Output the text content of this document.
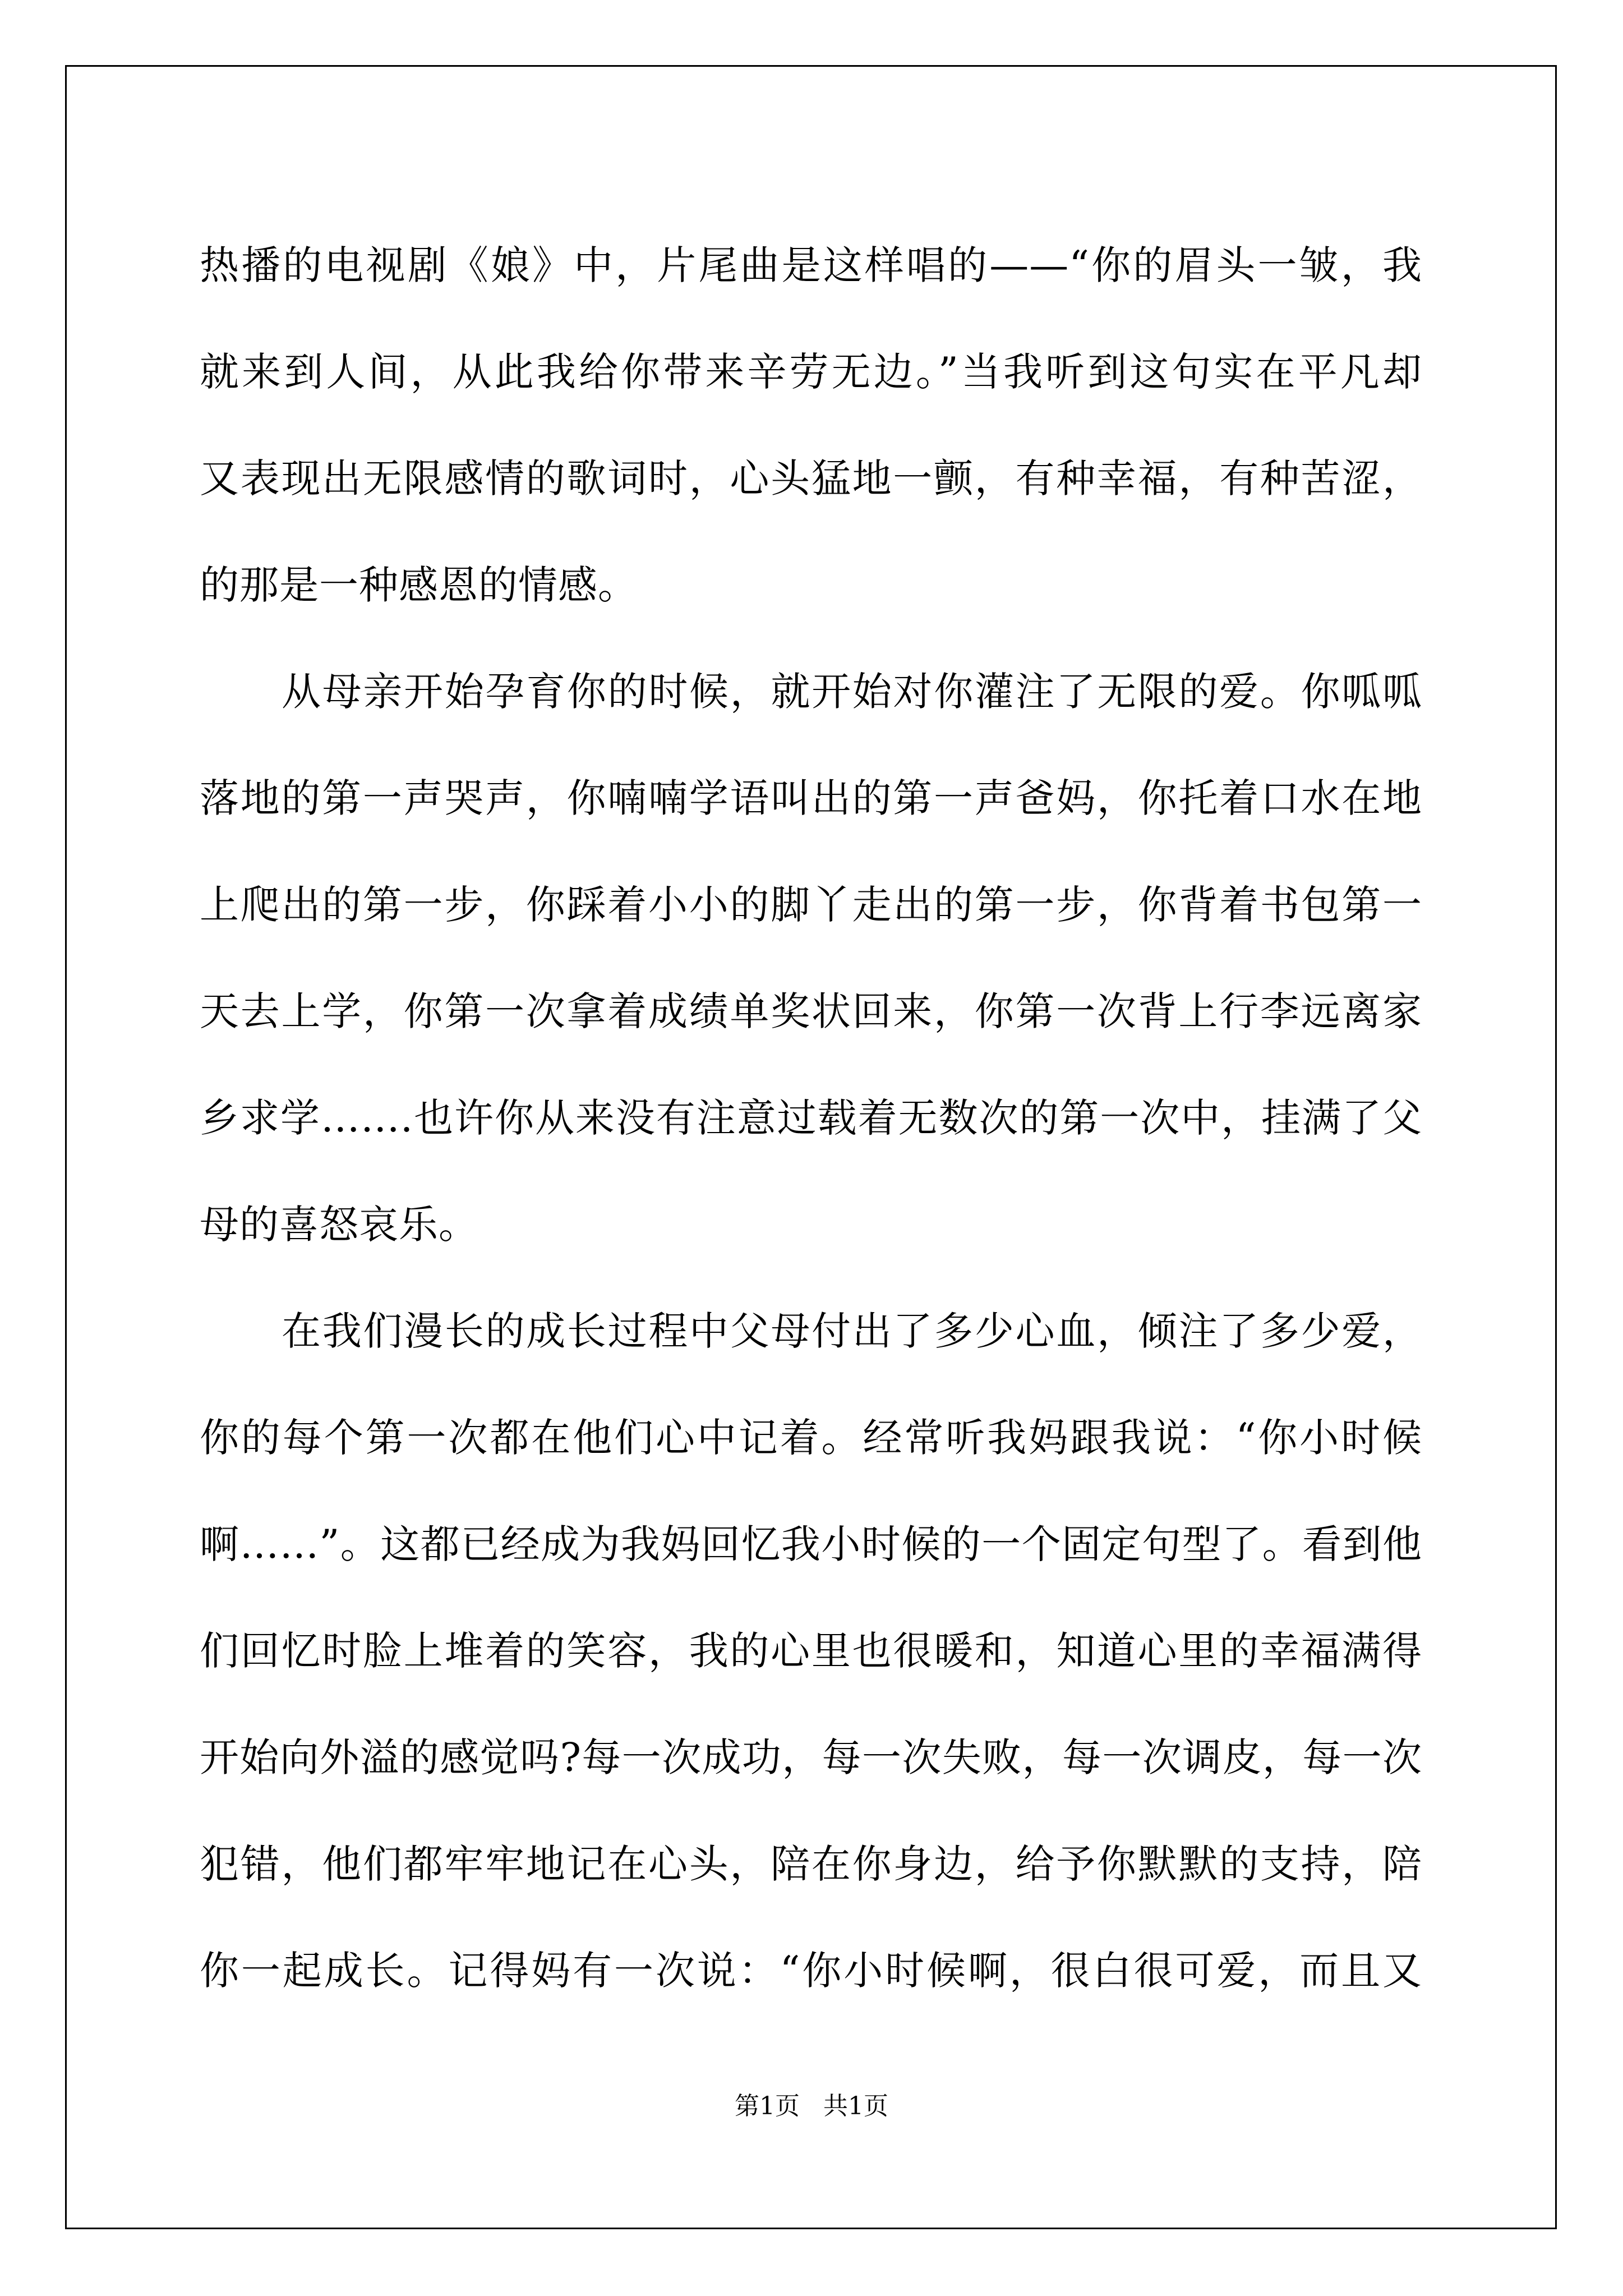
热播的电视剧《娘》中，片尾曲是这样唱的——“你的眉头一皱，我
就来到人间，从此我给你带来辛劳无边。”当我听到这句实在平凡却
又表现出无限感情的歌词时，心头猛地一颤，有种幸福，有种苦涩，
的那是一种感恩的情感。
从母亲开始孕育你的时候，就开始对你灌注了无限的爱。你呱呱
落地的第一声哭声，你喃喃学语叫出的第一声爸妈，你托着口水在地
上爬出的第一步，你踩着小小的脚丫走出的第一步，你背着书包第一
天去上学，你第一次拿着成绩单奖状回来，你第一次背上行李远离家
乡求学…….也许你从来没有注意过载着无数次的第一次中，挂满了父
母的喜怒哀乐。
在我们漫长的成长过程中父母付出了多少心血，倾注了多少爱，
你的每个第一次都在他们心中记着。经常听我妈跟我说：“你小时候
啊……”。这都已经成为我妈回忆我小时候的一个固定句型了。看到他
们回忆时脸上堆着的笑容，我的心里也很暖和，知道心里的幸福满得
开始向外溢的感觉吗?每一次成功，每一次失败，每一次调皮，每一次
犯错，他们都牢牢地记在心头，陪在你身边，给予你默默的支持，陪
你一起成长。记得妈有一次说：“你小时候啊，很白很可爱，而且又
第1页   共1页
